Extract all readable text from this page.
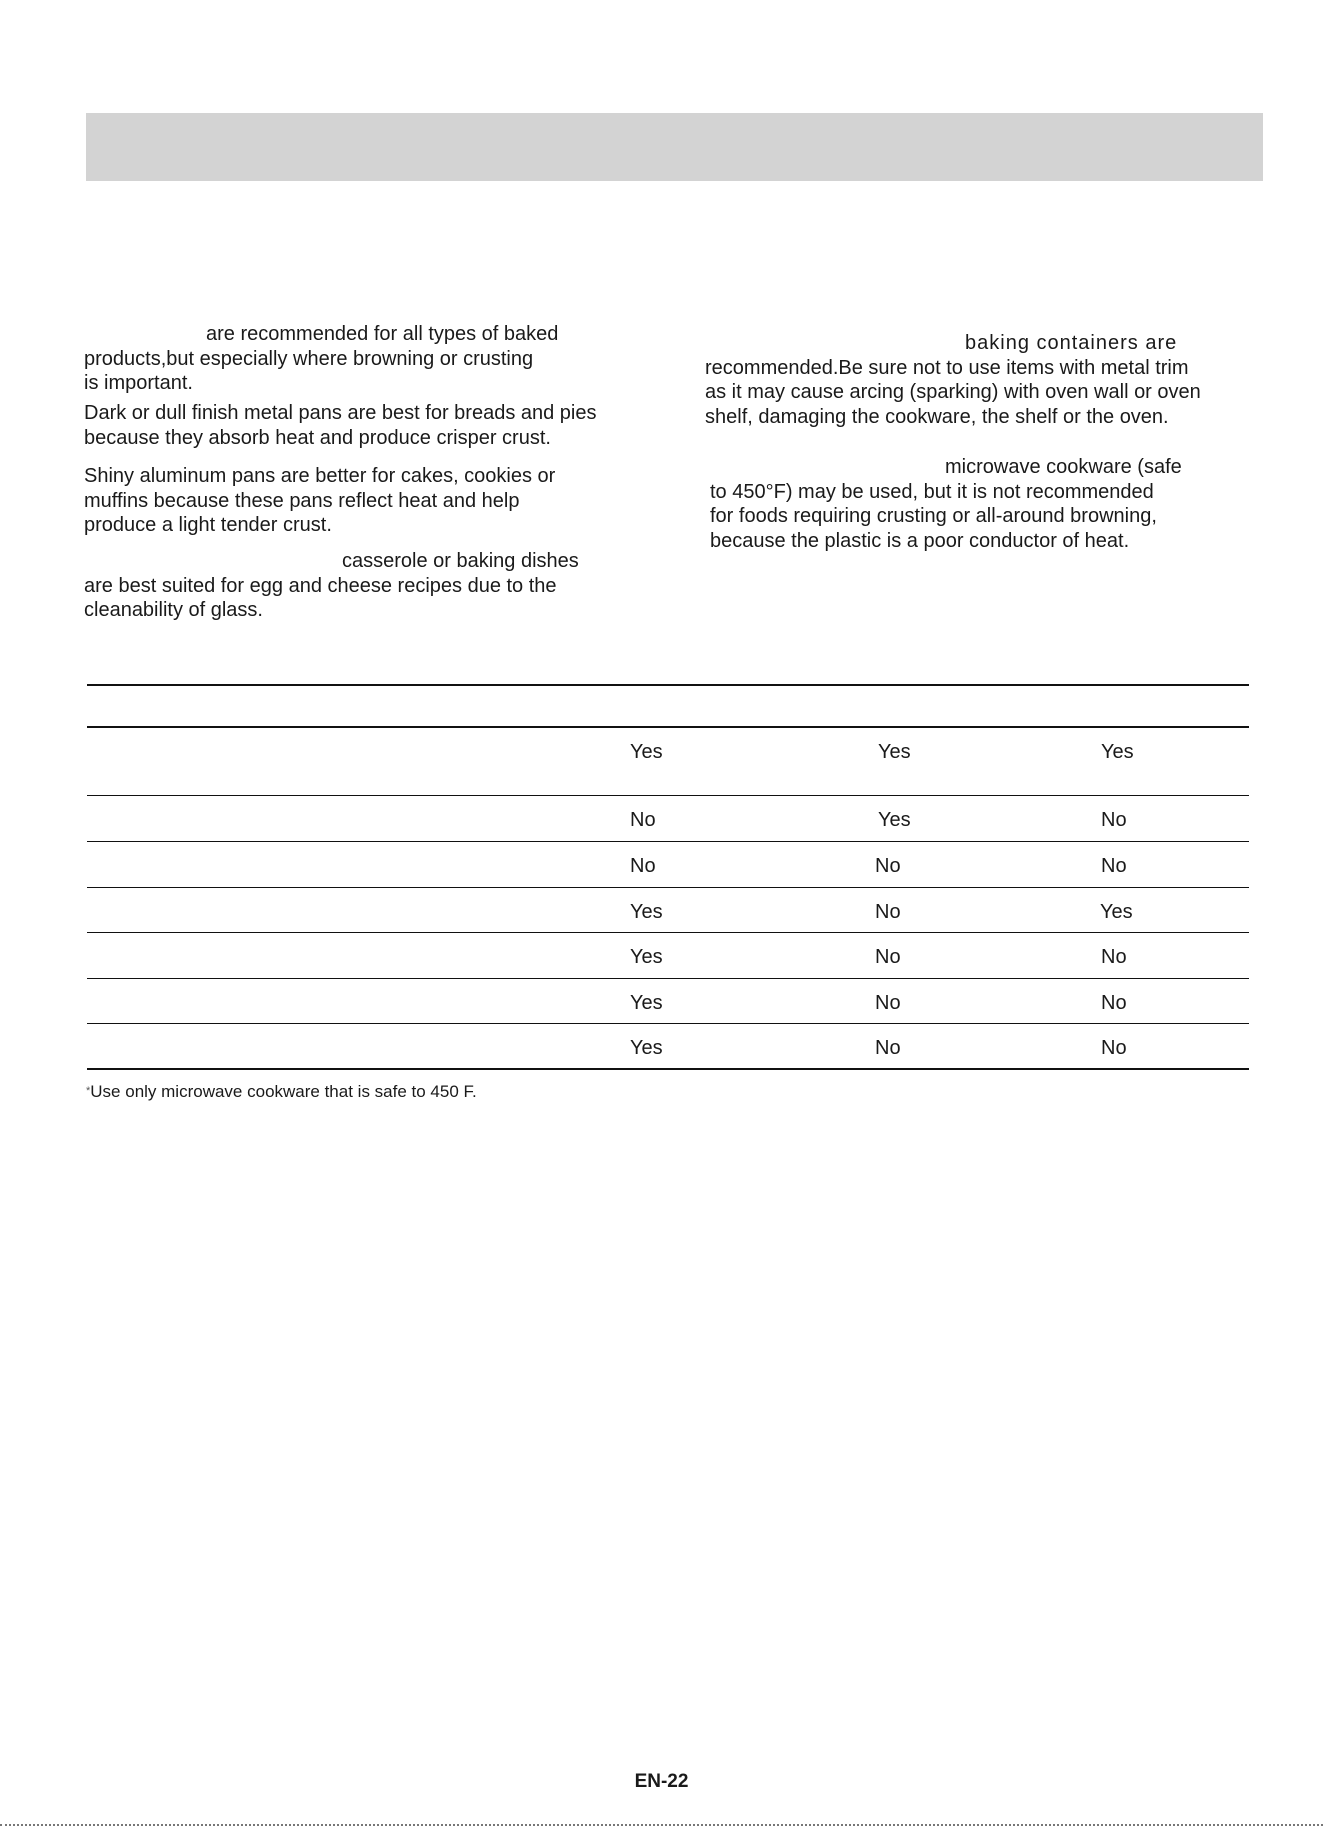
are recommended for all types of baked
products,but especially where browning or crusting
is important.
Dark or dull finish metal pans are best for breads and pies
because they absorb heat and produce crisper crust.
Shiny aluminum pans are better for cakes, cookies or
muffins because these pans reflect heat and help
produce a light tender crust.
casserole or baking dishes
are best suited for egg and cheese recipes due to the
cleanability of glass.
baking containers are
recommended.Be sure not to use items with metal trim
as it may cause arcing (sparking) with oven wall or oven
shelf, damaging the cookware, the shelf or the oven.
microwave cookware (safe
to 450°F) may be used, but it is not recommended
for foods requiring crusting or all-around browning,
because the plastic is a poor conductor of heat.
Yes	Yes	Yes
No	Yes	No
No	No	No
Yes	No	Yes
Yes	No	No
Yes	No	No
Yes	No	No
*Use only microwave cookware that is safe to 450 F.
EN-22
